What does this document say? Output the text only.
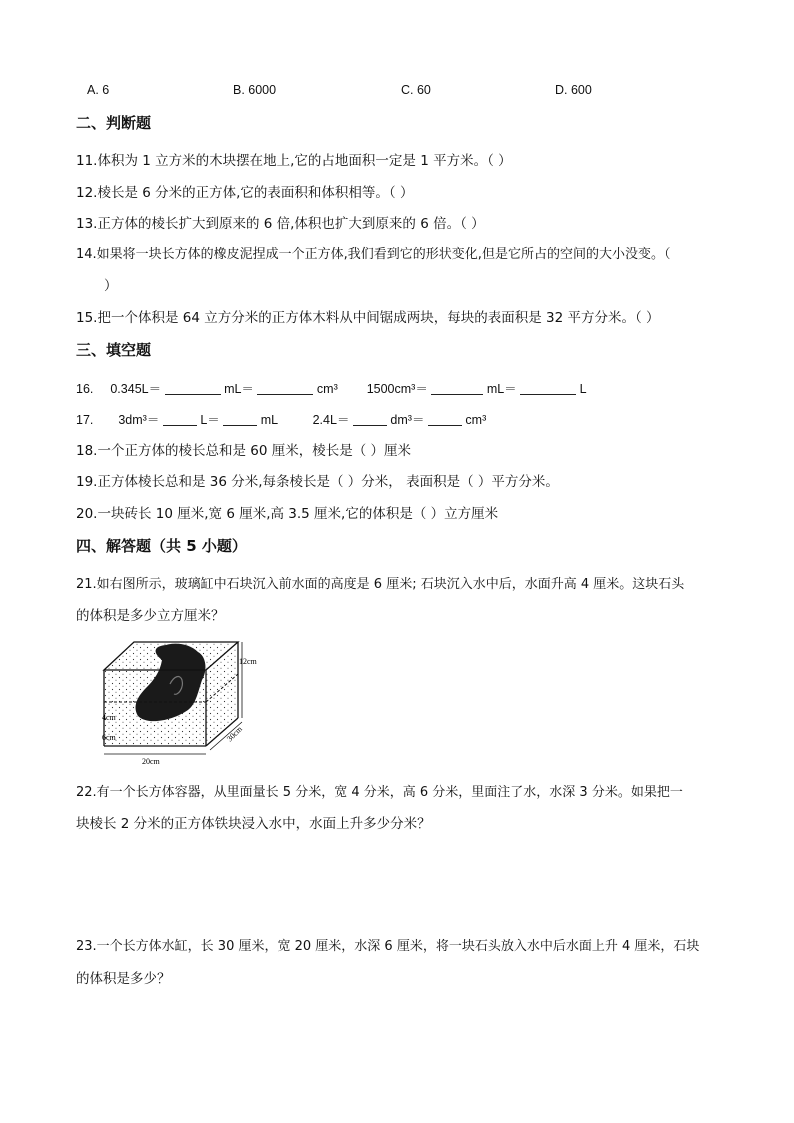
A. 6	B. 6000	C. 60	D. 600
二、判断题
11.体积为 1 立方米的木块摆在地上,它的占地面积一定是 1 平方米。（ ）
12.棱长是 6 分米的正方体,它的表面积和体积相等。（ ）
13.正方体的棱长扩大到原来的 6 倍,体积也扩大到原来的 6 倍。（ ）
14.如果将一块长方体的橡皮泥捏成一个正方体,我们看到它的形状变化,但是它所占的空间的大小没变。（
）
15.把一个体积是 64 立方分米的正方体木料从中间锯成两块，每块的表面积是 32 平方分米。（ ）
三、填空题
16. 0.345L＝	mL＝	cm³ 1500cm³＝	mL＝	L
17. 3dm³＝	L＝	mL	2.4L＝	dm³＝	cm³
18.一个正方体的棱长总和是 60 厘米，棱长是（ ）厘米
19.正方体棱长总和是 36 分米,每条棱长是（ ）分米， 表面积是（ ）平方分米。
20.一块砖长 10 厘米,宽 6 厘米,高 3.5 厘米,它的体积是（ ）立方厘米
四、解答题（共 5 小题）
21.如右图所示，玻璃缸中石块沉入前水面的高度是 6 厘米; 石块沉入水中后，水面升高 4 厘米。这块石头
的体积是多少立方厘米？
12cm
4cm
6cm
20cm
30cm
22.有一个长方体容器，从里面量长 5 分米，宽 4 分米，高 6 分米，里面注了水，水深 3 分米。如果把一
块棱长 2 分米的正方体铁块浸入水中，水面上升多少分米？
23.一个长方体水缸，长 30 厘米，宽 20 厘米，水深 6 厘米，将一块石头放入水中后水面上升 4 厘米，石块
的体积是多少？
